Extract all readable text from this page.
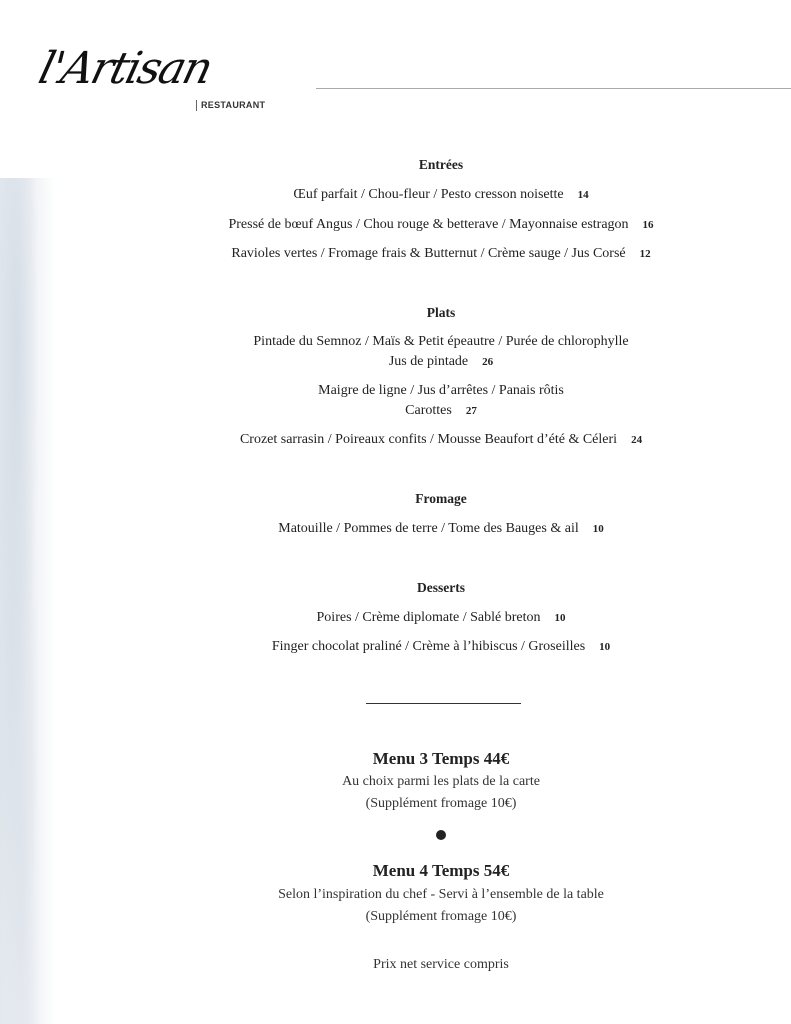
l'Artisan
RESTAURANT
Entrées
Œuf parfait / Chou-fleur / Pesto cresson noisette 14
Pressé de bœuf Angus / Chou rouge & betterave / Mayonnaise estragon 16
Ravioles vertes / Fromage frais & Butternut / Crème sauge / Jus Corsé 12
Plats
Pintade du Semnoz / Maïs & Petit épeautre / Purée de chlorophylle
Jus de pintade 26
Maigre de ligne / Jus d’arrêtes / Panais rôtis
Carottes 27
Crozet sarrasin / Poireaux confits / Mousse Beaufort d’été & Céleri 24
Fromage
Matouille / Pommes de terre / Tome des Bauges & ail 10
Desserts
Poires / Crème diplomate / Sablé breton 10
Finger chocolat praliné / Crème à l’hibiscus / Groseilles 10
Menu 3 Temps 44€
Au choix parmi les plats de la carte
(Supplément fromage 10€)
Menu 4 Temps 54€
Selon l’inspiration du chef - Servi à l’ensemble de la table
(Supplément fromage 10€)
Prix net service compris
